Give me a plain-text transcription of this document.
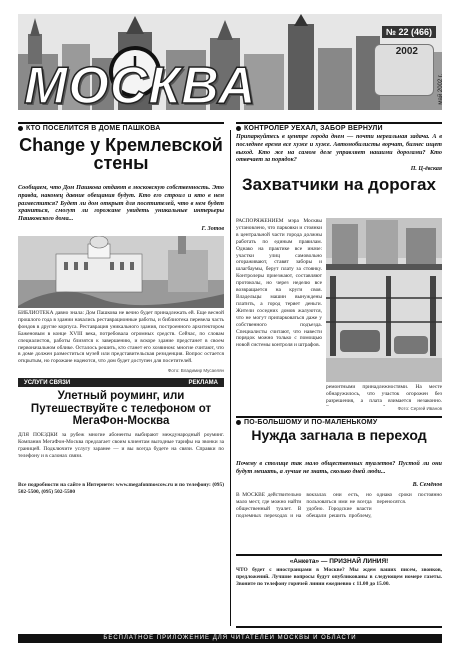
МОСКВА
№ 22 (466)
2002
май 2002 г.
КТО ПОСЕЛИТСЯ В ДОМЕ ПАШКОВА
Change у Кремлевской стены
Сообщаем, что Дом Пашкова отдают в московскую собственность. Это правда, наконец давние обещания будут. Кто его строил и кто в нем разместится? Будет ли дом открыт для посетителей, что в нем будет храниться, смогут ли горожане увидеть уникальные интерьеры Пашковского дома...
Г. Зотов
БИБЛИОТЕКА давно знала: Дом Пашкова не вечно будет принадлежать ей. Еще весной прошлого года в здании начались реставрационные работы, и библиотека перевела часть фондов в другие корпуса. Реставрация уникального здания, построенного архитектором Баженовым в конце XVIII века, потребовала огромных средств. Сейчас, по словам специалистов, работы близятся к завершению, и вскоре здание предстанет в своем первоначальном облике. Осталось решить, кто станет его хозяином: многие считают, что в доме должен разместиться музей или представительская резиденция. Вопрос остается открытым, но горожане надеются, что дом будет доступен для посетителей.
Фото: Владимир Мусаелян
УСЛУГИ СВЯЗИ	РЕКЛАМА
Улетный роуминг, или Путешествуйте с телефоном от МегаФон-Москва
ДЛЯ ПОЕЗДКИ за рубеж многие абоненты выбирают международный роуминг. Компания МегаФон-Москва предлагает своим клиентам выгодные тарифы на звонки за границей. Подключите услугу заранее — и вы всегда будете на связи. Справки по телефону и в салонах связи.
Все подробности на сайте в Интернете: www.megafonmoscow.ru и по телефону: (095) 502-5500, (095) 502-5500
КОНТРОЛЕР УЕХАЛ, ЗАБОР ВЕРНУЛИ
Припаркуйтесь в центре города днем — почти нереальная задача. А в последнее время все хуже и хуже. Автомобилисты ворчат, бизнес ищет выход. Кто же на самом деле управляет нашими дорогами? Кто отвечает за порядок?
П. Ц-ёвская
Захватчики на дорогах
РАСПОРЯЖЕНИЕМ мэра Москвы установлено, что парковки и стоянки в центральной части города должны работать по единым правилам. Однако на практике все иначе: участки улиц самовольно огораживают, ставят заборы и шлагбаумы, берут плату за стоянку. Контролеры приезжают, составляют протоколы, но через неделю все возвращается на круги своя. Владельцы машин вынуждены платить, а город теряет деньги. Жители соседних домов жалуются, что не могут припарковаться даже у собственного подъезда. Специалисты считают, что навести порядок можно только с помощью новой системы контроля и штрафов.
ремонтными принадлежностями. На месте обнаружилось, что участок огорожен без разрешения, а плата взимается незаконно.
Фото: Сергей Иванов
ПО-БОЛЬШОМУ И ПО-МАЛЕНЬКОМУ
Нужда загнала в переход
Почему в столице так мало общественных туалетов? Пустой ли они будут мешать, а лучше не знать, сколько дней люди...
В. Семёнов
В МОСКВЕ действительно мало мест, где можно найти общественный туалет. В подземных переходах и на вокзалах они есть, но пользоваться ими не всегда удобно. Городские власти обещали решить проблему, однако сроки постоянно переносятся.
«Анкета» — ПРИЗНАЙ ЛИНИЯ!
ЧТО будет с иностранцами в Москве? Мы ждем ваших писем, звонков, предложений. Лучшие вопросы будут опубликованы в следующем номере газеты. Звоните по телефону горячей линии ежедневно с 11.00 до 15.00.
БЕСПЛАТНОЕ ПРИЛОЖЕНИЕ ДЛЯ ЧИТАТЕЛЕЙ МОСКВЫ И ОБЛАСТИ
